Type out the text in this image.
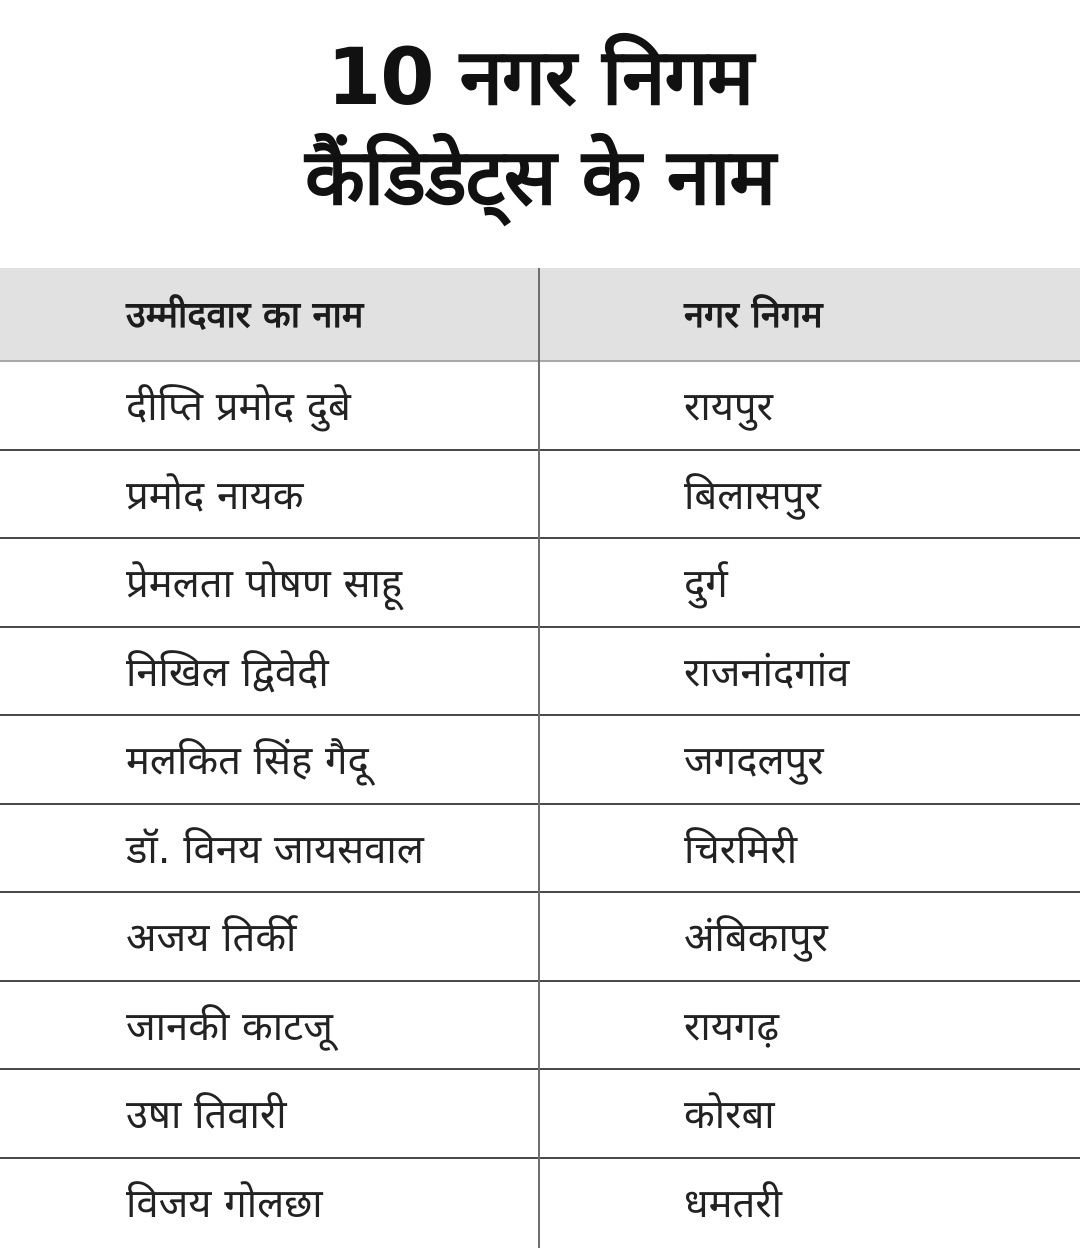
10 नगर निगम
कैंडिडेट्स के नाम
उम्मीदवार का नाम	नगर निगम
दीप्ति प्रमोद दुबे	रायपुर
प्रमोद नायक	बिलासपुर
प्रेमलता पोषण साहू	दुर्ग
निखिल द्विवेदी	राजनांदगांव
मलकित सिंह गैदू	जगदलपुर
डॉ. विनय जायसवाल	चिरमिरी
अजय तिर्की	अंबिकापुर
जानकी काटजू	रायगढ़
उषा तिवारी	कोरबा
विजय गोलछा	धमतरी
